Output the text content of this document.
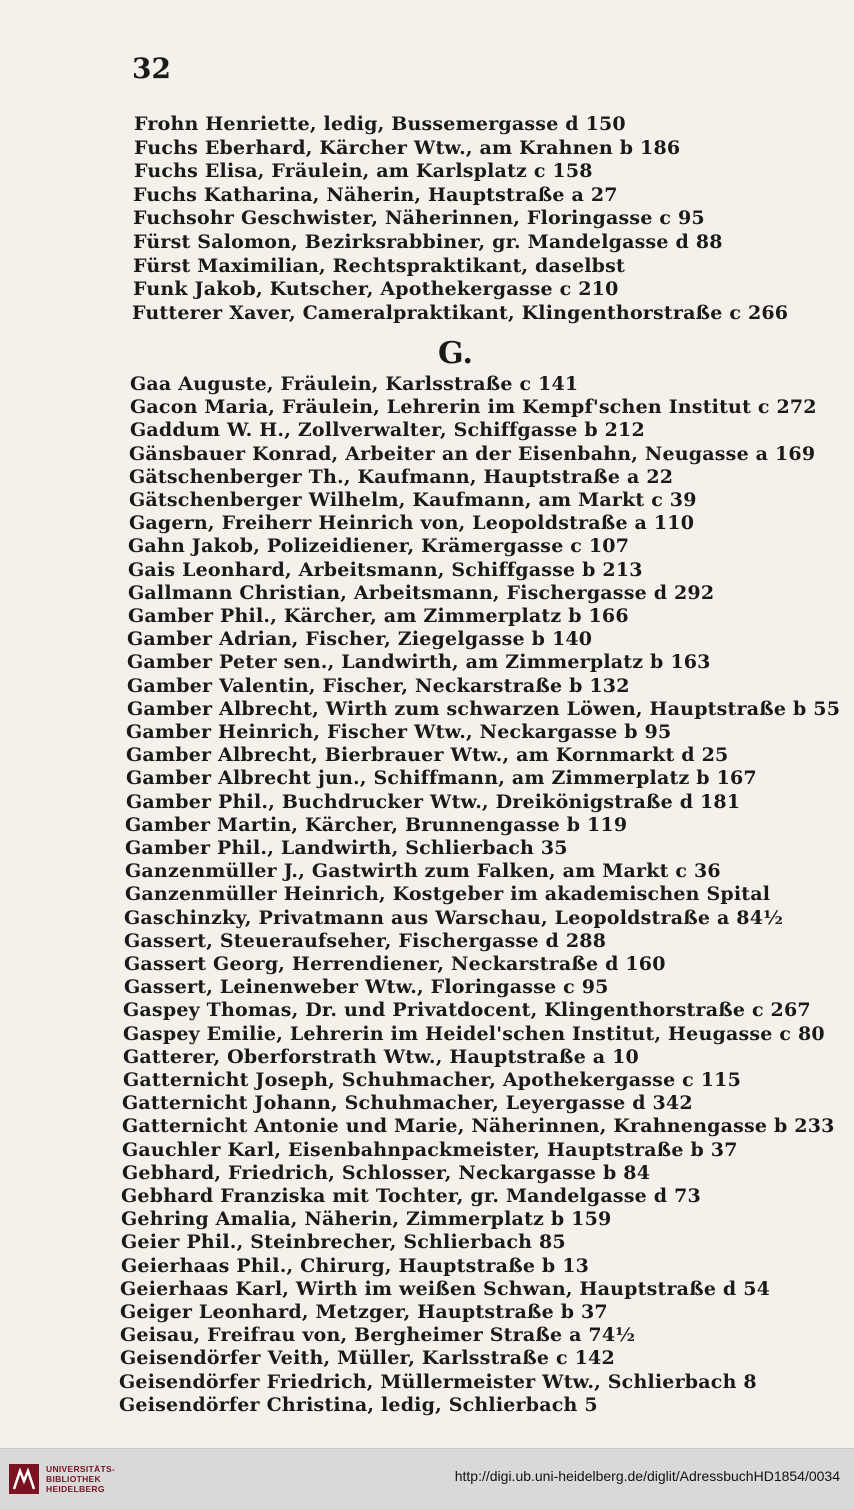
32
Frohn Henriette, ledig, Bussemergasse d 150
Fuchs Eberhard, Kärcher Wtw., am Krahnen b 186
Fuchs Elisa, Fräulein, am Karlsplatz c 158
Fuchs Katharina, Näherin, Hauptstraße a 27
Fuchsohr Geschwister, Näherinnen, Floringasse c 95
Fürst Salomon, Bezirksrabbiner, gr. Mandelgasse d 88
Fürst Maximilian, Rechtspraktikant, daselbst
Funk Jakob, Kutscher, Apothekergasse c 210
Futterer Xaver, Cameralpraktikant, Klingenthorstraße c 266
G.
Gaa Auguste, Fräulein, Karlsstraße c 141
Gacon Maria, Fräulein, Lehrerin im Kempf'schen Institut c 272
Gaddum W. H., Zollverwalter, Schiffgasse b 212
Gänsbauer Konrad, Arbeiter an der Eisenbahn, Neugasse a 169
Gätschenberger Th., Kaufmann, Hauptstraße a 22
Gätschenberger Wilhelm, Kaufmann, am Markt c 39
Gagern, Freiherr Heinrich von, Leopoldstraße a 110
Gahn Jakob, Polizeidiener, Krämergasse c 107
Gais Leonhard, Arbeitsmann, Schiffgasse b 213
Gallmann Christian, Arbeitsmann, Fischergasse d 292
Gamber Phil., Kärcher, am Zimmerplatz b 166
Gamber Adrian, Fischer, Ziegelgasse b 140
Gamber Peter sen., Landwirth, am Zimmerplatz b 163
Gamber Valentin, Fischer, Neckarstraße b 132
Gamber Albrecht, Wirth zum schwarzen Löwen, Hauptstraße b 55
Gamber Heinrich, Fischer Wtw., Neckargasse b 95
Gamber Albrecht, Bierbrauer Wtw., am Kornmarkt d 25
Gamber Albrecht jun., Schiffmann, am Zimmerplatz b 167
Gamber Phil., Buchdrucker Wtw., Dreikönigstraße d 181
Gamber Martin, Kärcher, Brunnengasse b 119
Gamber Phil., Landwirth, Schlierbach 35
Ganzenmüller J., Gastwirth zum Falken, am Markt c 36
Ganzenmüller Heinrich, Kostgeber im akademischen Spital
Gaschinzky, Privatmann aus Warschau, Leopoldstraße a 84½
Gassert, Steueraufseher, Fischergasse d 288
Gassert Georg, Herrendiener, Neckarstraße d 160
Gassert, Leinenweber Wtw., Floringasse c 95
Gaspey Thomas, Dr. und Privatdocent, Klingenthorstraße c 267
Gaspey Emilie, Lehrerin im Heidel'schen Institut, Heugasse c 80
Gatterer, Oberforstrath Wtw., Hauptstraße a 10
Gatternicht Joseph, Schuhmacher, Apothekergasse c 115
Gatternicht Johann, Schuhmacher, Leyergasse d 342
Gatternicht Antonie und Marie, Näherinnen, Krahnengasse b 233
Gauchler Karl, Eisenbahnpackmeister, Hauptstraße b 37
Gebhard, Friedrich, Schlosser, Neckargasse b 84
Gebhard Franziska mit Tochter, gr. Mandelgasse d 73
Gehring Amalia, Näherin, Zimmerplatz b 159
Geier Phil., Steinbrecher, Schlierbach 85
Geierhaas Phil., Chirurg, Hauptstraße b 13
Geierhaas Karl, Wirth im weißen Schwan, Hauptstraße d 54
Geiger Leonhard, Metzger, Hauptstraße b 37
Geisau, Freifrau von, Bergheimer Straße a 74½
Geisendörfer Veith, Müller, Karlsstraße c 142
Geisendörfer Friedrich, Müllermeister Wtw., Schlierbach 8
Geisendörfer Christina, ledig, Schlierbach 5
UNIVERSITÄTS-
BIBLIOTHEK
HEIDELBERG
http://digi.ub.uni-heidelberg.de/diglit/AdressbuchHD1854/0034
